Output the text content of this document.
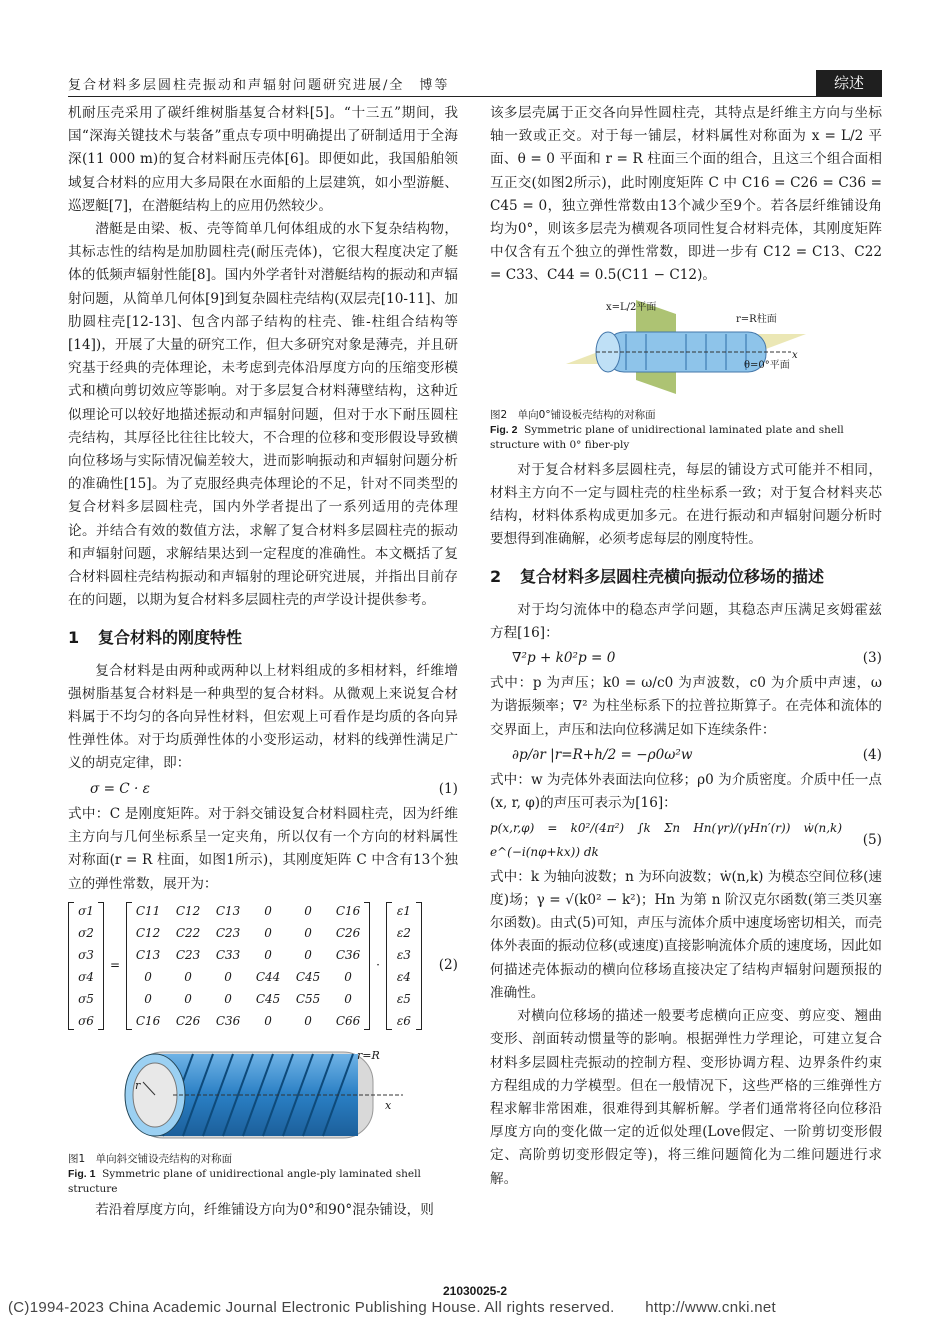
复合材料多层圆柱壳振动和声辐射问题研究进展/全　博等	综述

机耐压壳采用了碳纤维树脂基复合材料[5]。“十三五”期间，我国“深海关键技术与装备”重点专项中明确提出了研制适用于全海深(11 000 m)的复合材料耐压壳体[6]。即便如此，我国船舶领域复合材料的应用大多局限在水面船的上层建筑，如小型游艇、巡逻艇[7]，在潜艇结构上的应用仍然较少。

潜艇是由梁、板、壳等简单几何体组成的水下复杂结构物，其标志性的结构是加肋圆柱壳(耐压壳体)，它很大程度决定了艇体的低频声辐射性能[8]。国内外学者针对潜艇结构的振动和声辐射问题，从简单几何体[9]到复杂圆柱壳结构(双层壳[10-11]、加肋圆柱壳[12-13]、包含内部子结构的柱壳、锥-柱组合结构等[14])，开展了大量的研究工作，但大多研究对象是薄壳，并且研究基于经典的壳体理论，未考虑到壳体沿厚度方向的压缩变形模式和横向剪切效应等影响。对于多层复合材料薄壁结构，这种近似理论可以较好地描述振动和声辐射问题，但对于水下耐压圆柱壳结构，其厚径比往往比较大，不合理的位移和变形假设导致横向位移场与实际情况偏差较大，进而影响振动和声辐射问题分析的准确性[15]。为了克服经典壳体理论的不足，针对不同类型的复合材料多层圆柱壳，国内外学者提出了一系列适用的壳体理论。并结合有效的数值方法，求解了复合材料多层圆柱壳的振动和声辐射问题，求解结果达到一定程度的准确性。本文概括了复合材料圆柱壳结构振动和声辐射的理论研究进展，并指出目前存在的问题，以期为复合材料多层圆柱壳的声学设计提供参考。

1 复合材料的刚度特性

复合材料是由两种或两种以上材料组成的多相材料，纤维增强树脂基复合材料是一种典型的复合材料。从微观上来说复合材料属于不均匀的各向异性材料，但宏观上可看作是均质的各向异性弹性体。对于均质弹性体的小变形运动，材料的线弹性满足广义的胡克定律，即：

σ = C · ε	(1)

式中：C 是刚度矩阵。对于斜交铺设复合材料圆柱壳，因为纤维主方向与几何坐标系呈一定夹角，所以仅有一个方向的材料属性对称面(r = R 柱面，如图1所示)，其刚度矩阵 C 中含有13个独立的弹性常数，展开为：

σ1
σ2
σ3
σ4
σ5
σ6
=
C11 C12 C13	0	0	C16
C12 C22 C23	0	0	C26
C13 C23 C33	0	0	C36
0	0	0	C44 C45	0
0	0	0	C45 C55	0
C16 C26 C36	0	0	C66
·
ε1
ε2
ε3
ε4
ε5
ε6
(2)
r=R
x
r
图1　单向斜交铺设壳结构的对称面
Fig. 1 Symmetric plane of unidirectional angle-ply laminated shell structure

若沿着厚度方向，纤维铺设方向为0°和90°混杂铺设，则

该多层壳属于正交各向异性圆柱壳，其特点是纤维主方向与坐标轴一致或正交。对于每一铺层，材料属性对称面为 x = L/2 平面、θ = 0 平面和 r = R 柱面三个面的组合，且这三个组合面相互正交(如图2所示)，此时刚度矩阵 C 中 C16 = C26 = C36 = C45 = 0，独立弹性常数由13个减少至9个。若各层纤维铺设角均为0°，则该多层壳为横观各项同性复合材料壳体，其刚度矩阵中仅含有五个独立的弹性常数，即进一步有 C12 = C13、C22 = C33、C44 = 0.5(C11 − C12)。

x=L/2平面
r=R柱面
θ=0°平面
x
图2　单向0°铺设板壳结构的对称面
Fig. 2 Symmetric plane of unidirectional laminated plate and shell structure with 0° fiber-ply

对于复合材料多层圆柱壳，每层的铺设方式可能并不相同，材料主方向不一定与圆柱壳的柱坐标系一致；对于复合材料夹芯结构，材料体系构成更加多元。在进行振动和声辐射问题分析时要想得到准确解，必须考虑每层的刚度特性。

2 复合材料多层圆柱壳横向振动位移场的描述

对于均匀流体中的稳态声学问题，其稳态声压满足亥姆霍兹方程[16]：

∇²p + k0²p = 0	(3)

式中：p 为声压；k0 = ω/c0 为声波数，c0 为介质中声速，ω 为谐振频率；∇² 为柱坐标系下的拉普拉斯算子。在壳体和流体的交界面上，声压和法向位移满足如下连续条件：

∂p/∂r |r=R+h/2 = −ρ0ω²w	(4)

式中：w 为壳体外表面法向位移；ρ0 为介质密度。介质中任一点(x, r, φ)的声压可表示为[16]：

p(x,r,φ) = k0²/(4π²) ∫k Σn Hn(γr)/(γHn′(r)) ẇ(n,k) e^(−i(nφ+kx)) dk
(5)

式中：k 为轴向波数；n 为环向波数；ẇ(n,k) 为模态空间位移(速度)场；γ = √(k0² − k²)；Hn 为第 n 阶汉克尔函数(第三类贝塞尔函数)。由式(5)可知，声压与流体介质中速度场密切相关，而壳体外表面的振动位移(或速度)直接影响流体介质的速度场，因此如何描述壳体振动的横向位移场直接决定了结构声辐射问题预报的准确性。

对横向位移场的描述一般要考虑横向正应变、剪应变、翘曲变形、剖面转动惯量等的影响。根据弹性力学理论，可建立复合材料多层圆柱壳振动的控制方程、变形协调方程、边界条件约束方程组成的力学模型。但在一般情况下，这些严格的三维弹性方程求解非常困难，很难得到其解析解。学者们通常将径向位移沿厚度方向的变化做一定的近似处理(Love假定、一阶剪切变形假定、高阶剪切变形假定等)，将三维问题简化为二维问题进行求解。

21030025-2
(C)1994-2023 China Academic Journal Electronic Publishing House. All rights reserved.　　http://www.cnki.net
